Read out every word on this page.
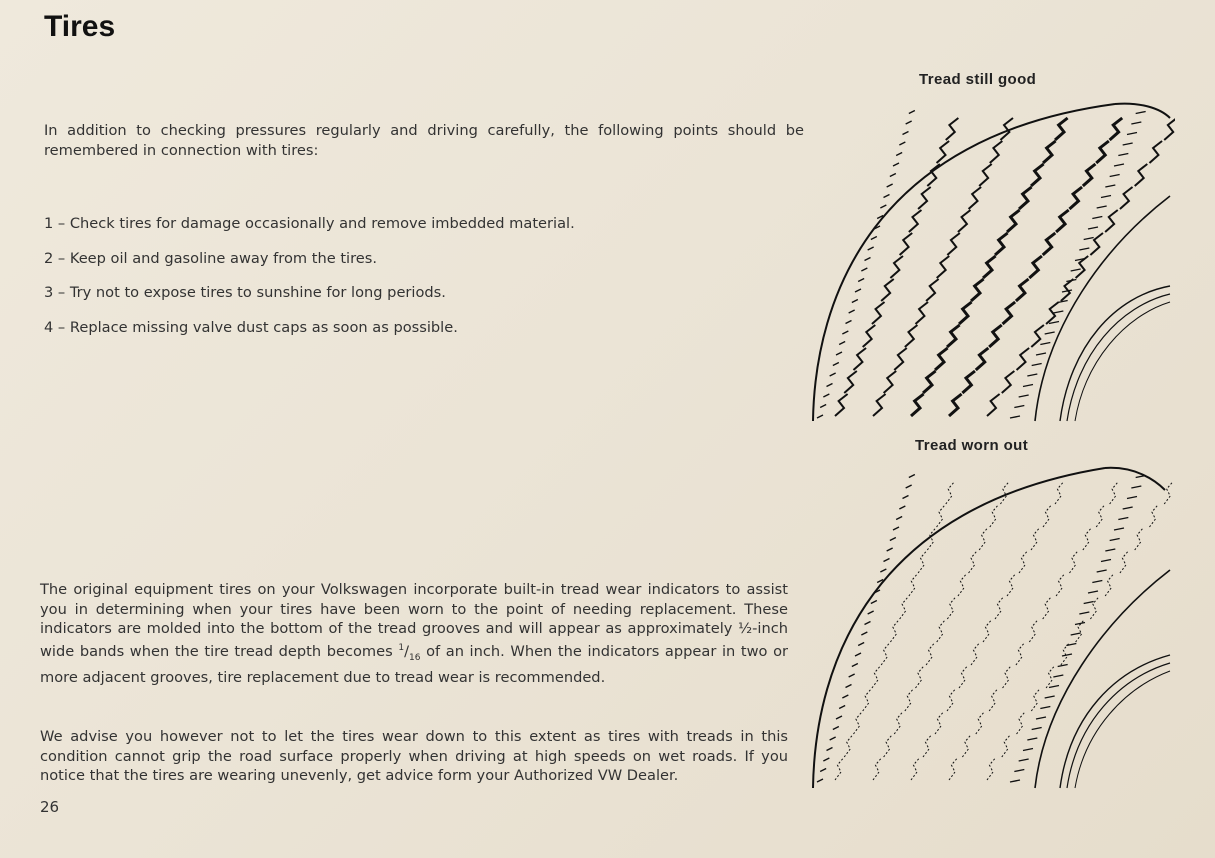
Tires
In addition to checking pressures regularly and driving carefully, the following points should be remembered in connection with tires:
1 – Check tires for damage occasionally and remove imbedded material.
2 – Keep oil and gasoline away from the tires.
3 – Try not to expose tires to sunshine for long periods.
4 – Replace missing valve dust caps as soon as possible.
The original equipment tires on your Volkswagen incorporate built-in tread wear indicators to assist you in determining when your tires have been worn to the point of needing replacement. These indicators are molded into the bottom of the tread grooves and will appear as approximately ½-inch wide bands when the tire tread depth becomes $^1/_{16}$ of an inch. When the indicators appear in two or more adjacent grooves, tire replacement due to tread wear is recommended.
We advise you however not to let the tires wear down to this extent as tires with treads in this condition cannot grip the road surface properly when driving at high speeds on wet roads. If you notice that the tires are wearing unevenly, get advice form your Authorized VW Dealer.
26
Tread still good
Tread worn out
